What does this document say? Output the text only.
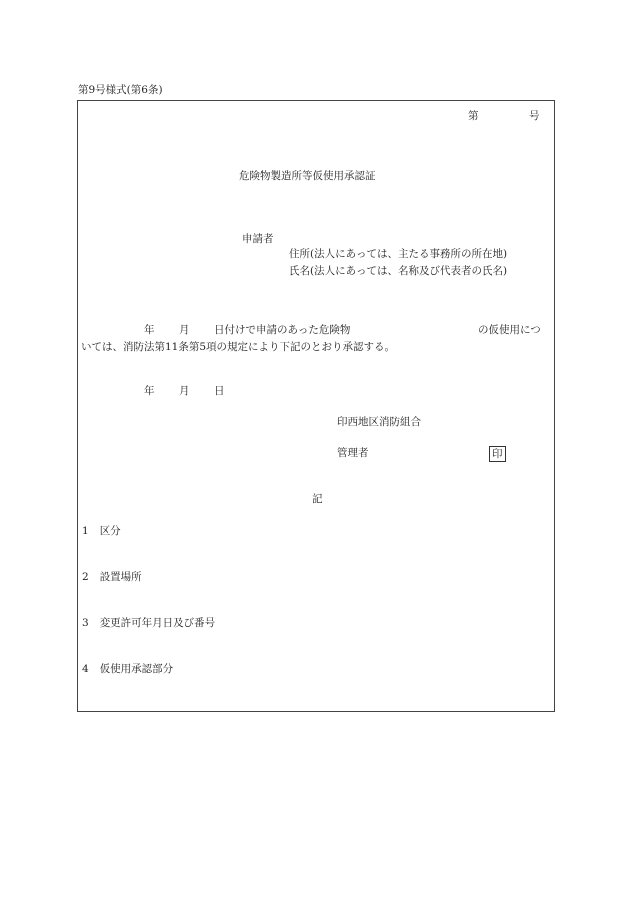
第9号様式(第6条)
第	号
危険物製造所等仮使用承認証
申請者
住所(法人にあっては、主たる事務所の所在地)
氏名(法人にあっては、名称及び代表者の氏名)
年 月 日付けで申請のあった危険物	の仮使用につ
いては、消防法第11条第5項の規定により下記のとおり承認する。
年 月 日
印西地区消防組合
管理者	印
記
1 区分
2 設置場所
3 変更許可年月日及び番号
4 仮使用承認部分
